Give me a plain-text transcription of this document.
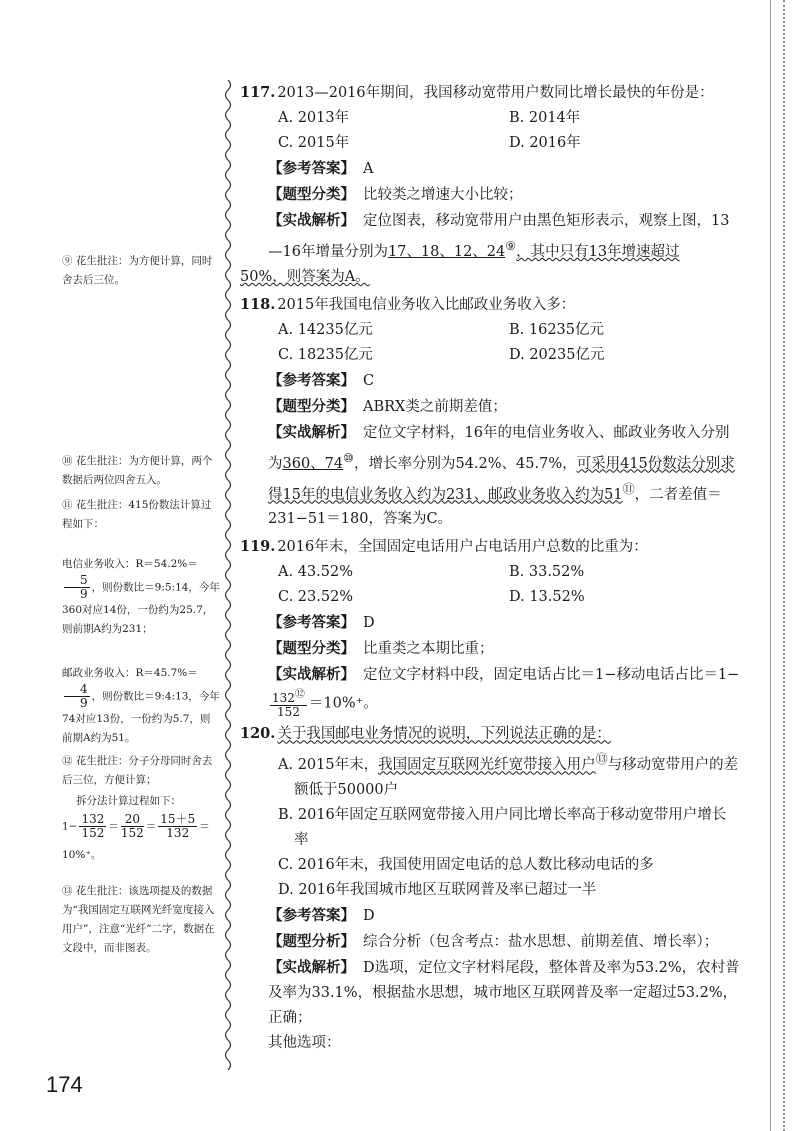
⑨ 花生批注：为方便计算，同时舍去后三位。

⑩ 花生批注：为方便计算，两个数据后两位四舍五入。

⑪ 花生批注：415份数法计算过程如下：

电信业务收入：R＝54.2%＝
$\frac{5}{9}$ ，则份数比＝9:5:14，今年360对应14份，一份约为25.7，则前期A约为231；

邮政业务收入：R＝45.7%＝
$\frac{4}{9}$ ，则份数比＝9:4:13，今年74对应13份，一份约为5.7，则前期A约为51。

⑫ 花生批注：分子分母同时舍去后三位，方便计算；

拆分法计算过程如下：

$1- \frac{132}{152} = \frac{20}{152} = \frac{15+5}{132}$ ＝

10%⁺。

⑬ 花生批注：该选项提及的数据为“我国固定互联网光纤宽度接入用户”，注意“光纤”二字，数据在文段中，而非图表。

117. 2013—2016年期间，我国移动宽带用户数同比增长最快的年份是：
A. 2013年	B. 2014年
C. 2015年	D. 2016年
【参考答案】 A
【题型分类】 比较类之增速大小比较；
【实战解析】 定位图表，移动宽带用户由黑色矩形表示，观察上图，13—16年增量分别为17、18、12、24⑨，其中只有13年增速超过
50%，则答案为A。
118. 2015年我国电信业务收入比邮政业务收入多：
A. 14235亿元	B. 16235亿元
C. 18235亿元	D. 20235亿元
【参考答案】 C
【题型分类】 ABRX类之前期差值；
【实战解析】 定位文字材料，16年的电信业务收入、邮政业务收入分别为360、74⑩，增长率分别为54.2%、45.7%，可采用415份数法分别求得15年的电信业务收入约为231、邮政业务收入约为51⑪，二者差值＝231−51＝180，答案为C。
119. 2016年末，全国固定电话用户占电话用户总数的比重为：
A. 43.52%	B. 33.52%
C. 23.52%	D. 13.52%
【参考答案】 D
【题型分类】 比重类之本期比重；
【实战解析】 定位文字材料中段，固定电话占比＝1−移动电话占比＝1−
$\frac{132^⑫}{152} =10\%^+$。
120. 关于我国邮电业务情况的说明，下列说法正确的是：
A. 2015年末，我国固定互联网光纤宽带接入用户⑬与移动宽带用户的差额低于50000户
B. 2016年固定互联网宽带接入用户同比增长率高于移动宽带用户增长率
C. 2016年末，我国使用固定电话的总人数比移动电话的多
D. 2016年我国城市地区互联网普及率已超过一半
【参考答案】 D
【题型分析】 综合分析（包含考点：盐水思想、前期差值、增长率）；
【实战解析】 D选项，定位文字材料尾段，整体普及率为53.2%，农村普及率为33.1%，根据盐水思想，城市地区互联网普及率一定超过53.2%，正确；
其他选项：
174
